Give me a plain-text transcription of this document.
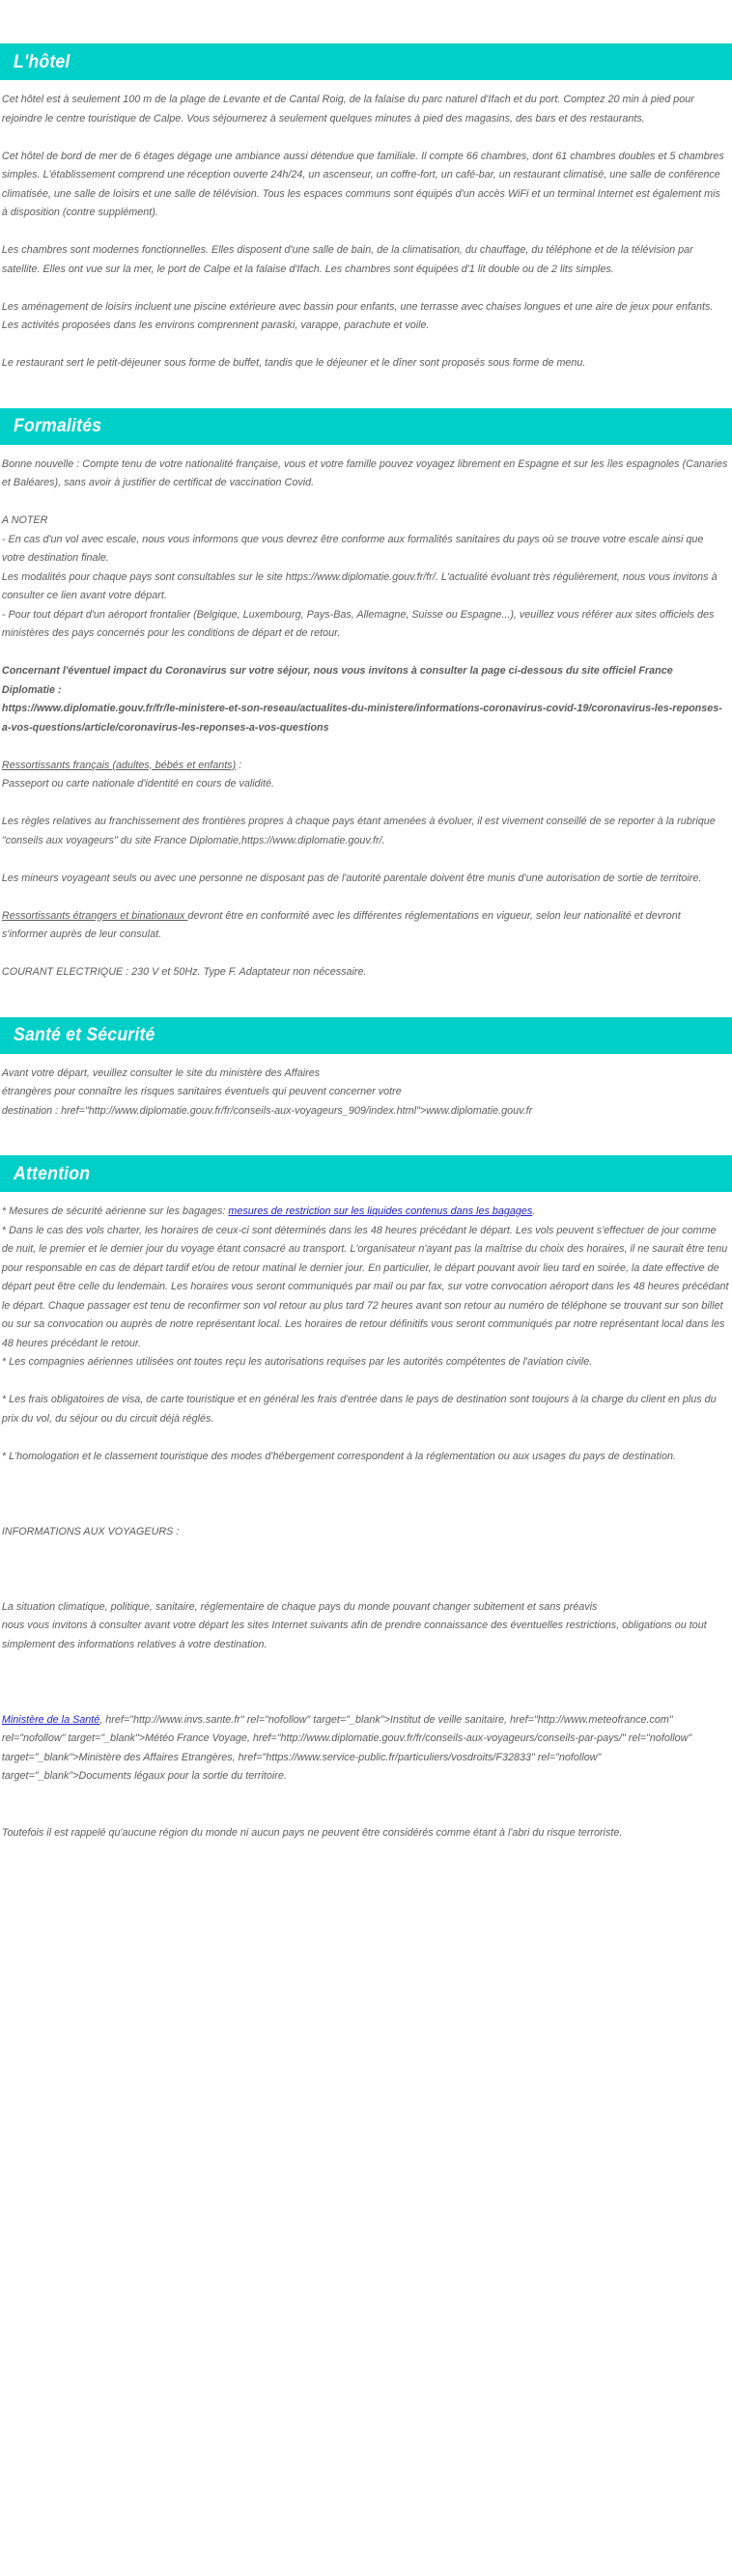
L'hôtel

Cet hôtel est à seulement 100 m de la plage de Levante et de Cantal Roig, de la falaise du parc naturel d'Ifach et du port. Comptez 20 min à pied pour rejoindre le centre touristique de Calpe. Vous séjournerez à seulement quelques minutes à pied des magasins, des bars et des restaurants.

Cet hôtel de bord de mer de 6 étages dégage une ambiance aussi détendue que familiale. Il compte 66 chambres, dont 61 chambres doubles et 5 chambres simples. L'établissement comprend une réception ouverte 24h/24, un ascenseur, un coffre-fort, un café-bar, un restaurant climatisé, une salle de conférence climatisée, une salle de loisirs et une salle de télévision. Tous les espaces communs sont équipés d'un accès WiFi et un terminal Internet est également mis à disposition (contre supplément).

Les chambres sont modernes fonctionnelles. Elles disposent d'une salle de bain, de la climatisation, du chauffage, du téléphone et de la télévision par satellite. Elles ont vue sur la mer, le port de Calpe et la falaise d'Ifach. Les chambres sont équipées d'1 lit double ou de 2 lits simples.

Les aménagement de loisirs incluent une piscine extérieure avec bassin pour enfants, une terrasse avec chaises longues et une aire de jeux pour enfants. Les activités proposées dans les environs comprennent paraski, varappe, parachute et voile.

Le restaurant sert le petit-déjeuner sous forme de buffet, tandis que le déjeuner et le dîner sont proposés sous forme de menu.

Formalités

Bonne nouvelle : Compte tenu de votre nationalité française, vous et votre famille pouvez voyagez librement en Espagne et sur les îles espagnoles (Canaries et Baléares), sans avoir à justifier de certificat de vaccination Covid.

A NOTER

- En cas d'un vol avec escale, nous vous informons que vous devrez être conforme aux formalités sanitaires du pays où se trouve votre escale ainsi que votre destination finale.

Les modalités pour chaque pays sont consultables sur le site https://www.diplomatie.gouv.fr/fr/. L'actualité évoluant très régulièrement, nous vous invitons à consulter ce lien avant votre départ.

- Pour tout départ d'un aéroport frontalier (Belgique, Luxembourg, Pays-Bas, Allemagne, Suisse ou Espagne...), veuillez vous référer aux sites officiels des ministères des pays concernés pour les conditions de départ et de retour.

Concernant l'éventuel impact du Coronavirus sur votre séjour, nous vous invitons à consulter la page ci-dessous du site officiel France Diplomatie :

https://www.diplomatie.gouv.fr/fr/le-ministere-et-son-reseau/actualites-du-ministere/informations-coronavirus-covid-19/coronavirus-les-reponses-a-vos-questions/article/coronavirus-les-reponses-a-vos-questions

Ressortissants français (adultes, bébés et enfants) :

Passeport ou carte nationale d'identité en cours de validité.

Les règles relatives au franchissement des frontières propres à chaque pays étant amenées à évoluer, il est vivement conseillé de se reporter à la rubrique "conseils aux voyageurs" du site France Diplomatie,https://www.diplomatie.gouv.fr/.

Les mineurs voyageant seuls ou avec une personne ne disposant pas de l'autorité parentale doivent être munis d'une autorisation de sortie de territoire.

Ressortissants étrangers et binationaux devront être en conformité avec les différentes réglementations en vigueur, selon leur nationalité et devront s'informer auprès de leur consulat.

COURANT ELECTRIQUE : 230 V et 50Hz. Type F. Adaptateur non nécessaire.

Santé et Sécurité

Avant votre départ, veuillez consulter le site du ministère des Affaires

étrangères pour connaître les risques sanitaires éventuels qui peuvent concerner votre

destination : href="http://www.diplomatie.gouv.fr/fr/conseils-aux-voyageurs_909/index.html">www.diplomatie.gouv.fr

Attention

* Mesures de sécurité aérienne sur les bagages: mesures de restriction sur les liquides contenus dans les bagages.

* Dans le cas des vols charter, les horaires de ceux-ci sont déterminés dans les 48 heures précédant le départ. Les vols peuvent s'effectuer de jour comme de nuit, le premier et le dernier jour du voyage étant consacré au transport. L'organisateur n'ayant pas la maîtrise du choix des horaires, il ne saurait être tenu pour responsable en cas de départ tardif et/ou de retour matinal le dernier jour. En particulier, le départ pouvant avoir lieu tard en soirée, la date effective de départ peut être celle du lendemain. Les horaires vous seront communiqués par mail ou par fax, sur votre convocation aéroport dans les 48 heures précédant le départ. Chaque passager est tenu de reconfirmer son vol retour au plus tard 72 heures avant son retour au numéro de téléphone se trouvant sur son billet ou sur sa convocation ou auprès de notre représentant local. Les horaires de retour définitifs vous seront communiqués par notre représentant local dans les 48 heures précédant le retour.

* Les compagnies aériennes utilisées ont toutes reçu les autorisations requises par les autorités compétentes de l'aviation civile.

* Les frais obligatoires de visa, de carte touristique et en général les frais d'entrée dans le pays de destination sont toujours à la charge du client en plus du prix du vol, du séjour ou du circuit déjà réglés.

* L'homologation et le classement touristique des modes d'hébergement correspondent à la réglementation ou aux usages du pays de destination.

INFORMATIONS AUX VOYAGEURS :

La situation climatique, politique, sanitaire, réglementaire de chaque pays du monde pouvant changer subitement et sans préavis

nous vous invitons à consulter avant votre départ les sites Internet suivants afin de prendre connaissance des éventuelles restrictions, obligations ou tout simplement des informations relatives à votre destination.

Ministère de la Santé, href="http://www.invs.sante.fr" rel="nofollow" target="_blank">Institut de veille sanitaire, href="http://www.meteofrance.com" rel="nofollow" target="_blank">Météo France Voyage, href="http://www.diplomatie.gouv.fr/fr/conseils-aux-voyageurs/conseils-par-pays/" rel="nofollow" target="_blank">Ministère des Affaires Etrangères, href="https://www.service-public.fr/particuliers/vosdroits/F32833" rel="nofollow" target="_blank">Documents légaux pour la sortie du territoire.

Toutefois il est rappelé qu'aucune région du monde ni aucun pays ne peuvent être considérés comme étant à l'abri du risque terroriste.
